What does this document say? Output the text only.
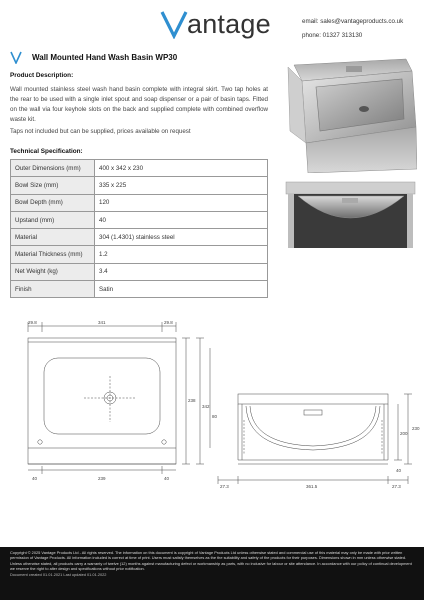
antage	email: sales@vantageproducts.co.uk
phone: 01327 313130
Wall Mounted Hand Wash Basin WP30
Product Description:
Wall mounted stainless steel wash hand basin complete with integral skirt. Two tap holes at the rear to be used with a single inlet spout and soap dispenser or a pair of basin taps. Fitted on the wall via four keyhole slots on the back and supplied complete with combined overflow waste kit.
Taps not included but can be supplied, prices available on request
Technical Specification:
Outer Dimensions (mm)	400 x 342 x 230
Bowl Size (mm)	335 x 225
Bowl Depth (mm)	120
Upstand (mm)	40
Material	304 (1.4301) stainless steel
Material Thickness (mm)	1.2
Net Weight (kg)	3.4
Finish	Satin
29.8	341	29.8
40	239	40
238
342
80
27.3	361.5	27.3
200
230
40
Copyright © 2025 Vantage Products Ltd - All rights reserved. The information on this document is copyright of Vantage Products Ltd unless otherwise stated and commercial use of this material may only be made with prior written permission of Vantage Products. All information included is correct at time of print. Users must satisfy themselves as the the suitability and safety of the products for their purposes. Dimensions shown in mm unless otherwise stated. Unless otherwise stated, all products carry a warranty of twelve (12) months against manufacturing defect or workmanship as parts, with no inclusive for labour or site attendance. In accordance with our policy of continual development we reserve the right to alter design and specifications without prior notification.
Document created 01.01.2021 Last updated 01.01.2022
